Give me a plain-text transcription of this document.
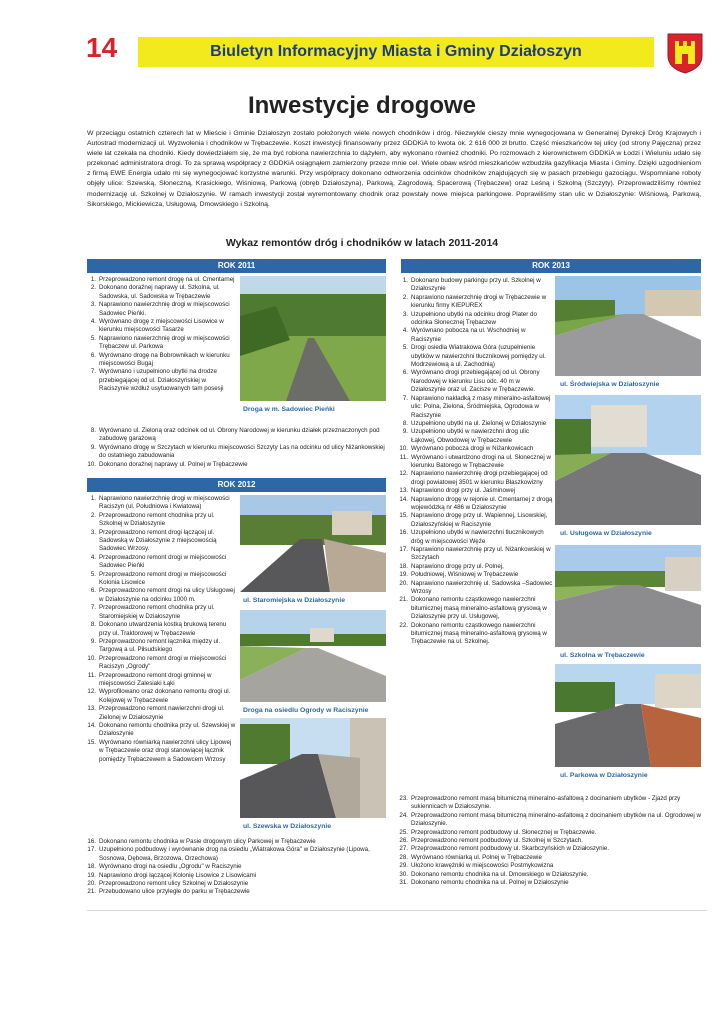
14	Biuletyn Informacyjny Miasta i Gminy Działoszyn
Inwestycje drogowe
W przeciągu ostatnich czterech lat w Mieście i Gminie Działoszyn zostało położonych wiele nowych chodników i dróg. Niezwykle cieszy mnie wynegocjowana w Generalnej Dyrekcji Dróg Krajowych i Autostrad modernizacji ul. Wyzwolenia i chodników w Trębaczewie. Koszt inwestycji finansowany przez GDDKiA to kwota ok. 2 616 000 zł brutto. Część mieszkańców tej ulicy (od strony Pajęczna) przez wiele lat czekała na chodniki. Kiedy dowiedziałem się, że ma być robiona nawierzchnia to dążyłem, aby wykonano również chodniki. Po rozmowach z kierownictwem GDDKiA w Łodzi i Wieluniu udało się przekonać administratora drogi. To za sprawą współpracy z GDDKiA osiągnąłem zamierzony przeze mnie cel. Wiele obaw wśród mieszkańców wzbudziła gazyfikacja Miasta i Gminy. Dzięki uzgodnieniom z firmą EWE Energia udało mi się wynegocjować korzystne warunki. Przy współpracy dokonano odtworzenia odcinków chodników znajdujących się w pasach przebiegu gazociągu. Wspomniane roboty objęły ulice: Szewską, Słoneczną, Krasickiego, Wiśniową, Parkową (obręb Działoszyna), Parkową, Zagrodową, Spacerową (Trębaczew) oraz Leśną i Szkolną (Szczyty). Przeprowadziliśmy również modernizację ul. Szkolnej w Działoszynie. W ramach inwestycji został wyremontowany chodnik oraz powstały nowe miejsca parkingowe. Poprawiliśmy stan ulic w Działoszynie: Wiśniową, Parkową, Sikorskiego, Mickiewicza, Usługową, Dmowskiego i Szkolną.
Wykaz remontów dróg i chodników w latach 2011-2014
ROK 2011
1. Przeprowadzono remont drogę na ul. Cmentarnej
2. Dokonano doraźnej naprawy ul. Szkolna, ul. Sadowska, ul. Sadowska w Trębaczewie
3. Naprawiono nawierzchnię drogi w miejscowości Sadowiec Pieńki.
4. Wyrównano drogę z miejscowości Lisowice w kierunku miejscowości Tasarze
5. Naprawiono nawierzchnię drogi w miejscowości Trębaczew ul. Parkowa
6. Wyrównano drogę na Bobrownikach w kierunku miejscowości Bugaj
7. Wyrównano i uzupełniono ubytki na drodze przebiegającej od ul. Działoszyńskiej w Raciszynie wzdłuż usytuowanych tam posesji
8. Wyrównano ul. Zieloną oraz odcinek od ul. Obrony Narodowej w kierunku działek przeznaczonych pod zabudowę garażową
9. Wyrównano drogę w Szczytach w kierunku miejscowości Szczyty Las na odcinku od ulicy Niżankowskiej do ostatniego zabudowania
10. Dokonano doraźnej naprawy ul. Polnej w Trębaczewie
Droga w m. Sadowiec Pieńki
ROK 2012
1. Naprawiono nawierzchnię drogi w miejscowości Raciszyn (ul. Południowa i Kwiatowa)
2. Przeprowadzono remont chodnika przy ul. Szkolnej w Działoszynie
3. Przeprowadzono remont drogi łączącej ul. Sadowską w Działoszynie z miejscowością Sadowiec Wrzosy.
4. Przeprowadzono remont drogi w miejscowości Sadowiec Pieńki
5. Przeprowadzono remont drogi w miejscowości Kolonia Lisowice
6. Przeprowadzono remont drogi na ulicy Usługowej w Działoszynie na odcinku 1000 m.
7. Przeprowadzono remont chodnika przy ul. Staromiejskiej w Działoszynie
8. Dokonano utwardzenia kostką brukową terenu przy ul. Traktorowej w Trębaczewie
9. Przeprowadzono remont łącznika między ul. Targową a ul. Piłsudskiego
10. Przeprowadzono remont drogi w miejscowości Raciszyn „Ogrody"
11. Przeprowadzono remont drogi gminnej w miejscowości Zalesiaki Łąki
12. Wyprofilowano oraz dokonano remontu drogi ul. Kolejowej w Trębaczewie
13. Przeprowadzono remont nawierzchni drogi ul. Zielonej w Działoszynie
14. Dokonano remontu chodnika przy ul. Szewskiej w Działoszynie
15. Wyrównano równiarką nawierzchni ulicy Lipowej w Trębaczewie oraz drogi stanowiącej łącznik pomiędzy Trębaczewem a Sadowcem Wrzosy
16. Dokonano remontu chodnika w Pasie drogowym ulicy Parkowej w Trębaczewie
17. Uzupełniono podbudowy i wyrównanie drog na osiedlu „Wiatrakowa Góra" w Działoszynie (Lipowa, Sosnowa, Dębowa, Brzozowa, Orzechowa)
18. Wyrównano drogi na osiedlu „Ogrodu" w Raciszynie
19. Naprawiono drogi łączącej Kolonię Lisowice z Lisowicami
20. Przeprowadzono remont ulicy Szkolnej w Działoszynie
21. Przebudowano ulice przyległe do parku w Trębaczewie
ul. Staromiejska w Działoszynie
Droga na osiedlu Ogrody w Raciszynie
ul. Szewska w Działoszynie
ROK 2013
1. Dokonano budowy parkingu przy ul. Szkolnej w Działoszynie
2. Naprawiono nawierzchnię drogi w Trębaczewie w kierunku firmy KIEPUREX
3. Uzupełniono ubytki na odcinku drogi Plater do odcinka Słonecznej Trębaczew
4. Wyrównano pobocza na ul. Wschodniej w Raciszynie
5. Drogi osiedla Wiatrakowa Góra (uzupełnienie ubytków w nawierzchni tłucznikowej pomiędzy ul. Modrzewiową a ul. Zachodnią)
6. Wyrównano drogi przebiegającej od ul. Obrony Narodowej w kierunku Lisu odc. 40 m w Działoszynie oraz ul. Zacisze w Trębaczewie.
7. Naprawiono nakładką z masy mineralno-asfaltowej ulic: Polna, Zielona, Śródmiejska, Ogrodowa w Raciszynie
8. Uzupełniono ubytki na ul. Zielonej w Działoszynie
9. Uzupełniono ubytki w nawierzchni drog ulic Łąkowej, Obwodowej w Trębaczewie
10. Wyrównano pobocza drogi w Niżankowicach
11. Wyrównano i utwardzono drogi na ul. Słonecznej w kierunku Batorego w Trębaczewie
12. Naprawiono nawierzchnię drogi przebiegającej od drogi powiatowej 3501 w kierunku Błaszkowizny
13. Naprawiono drogi przy ul. Jaśminowej
14. Naprawiono drogę w rejonie ul. Cmentarnej z drogą wojewódzką nr 486 w Działoszynie
15. Naprawiono drogę przy ul. Wapiennej, Lisowskiej, Działoszyńskiej w Raciszynie
16. Uzupełniono ubytki w nawierzchni tłucznikowych drög w miejscowości Węże
17. Naprawiono nawierzchnię przy ul. Niżankowskiej w Szczytach
18. Naprawiono drogę przy ul. Polnej,
19. Południowej, Wiśniowej w Trębaczewie
20. Naprawiono nawierzchnię ul. Sadowska –Sadowiec Wrzosy
21. Dokonano remontu cząstkowego nawierzchni bitumicznej masą mineralno-asfaltową grysową w Działoszynie przy ul. Usługowej,
22. Dokonano remontu cząstkowego nawierzchni bitumicznej masą mineralno-asfaltową grysową w Trębaczewie na ul. Szkolnej.
23. Przeprowadzono remont masą bitumiczną mineralno-asfaltową z docinaniem ubytków - Zjazd przy sukiennicach w Działoszynie.
24. Przeprowadzono remont masą bitumiczną mineralno-asfaltową z docinaniem ubytków na ul. Ogrodowej w Działoszynie.
25. Przeprowadzono remont podbudowy ul. Słonecznej w Trębaczewie.
26. Przeprowadzono remont podbudowy ul. Szkolnej w Szczytach.
27. Przeprowadzono remont podbudowy ul. Skarbczyńskich w Działoszynie.
28. Wyrównano równiarką ul. Polnej w Trębaczewie
29. Ułożono krawężniki w miejscowości Postmykowizna
30. Dokonano remontu chodnika na ul. Dmowskiego w Działoszynie.
31. Dokonano remontu chodnika na ul. Polnej w Działoszynie
ul. Śródwiejska w Działoszynie
ul. Usługowa w Działoszynie
ul. Szkolna w Trębaczewie
ul. Parkowa w Działoszynie
